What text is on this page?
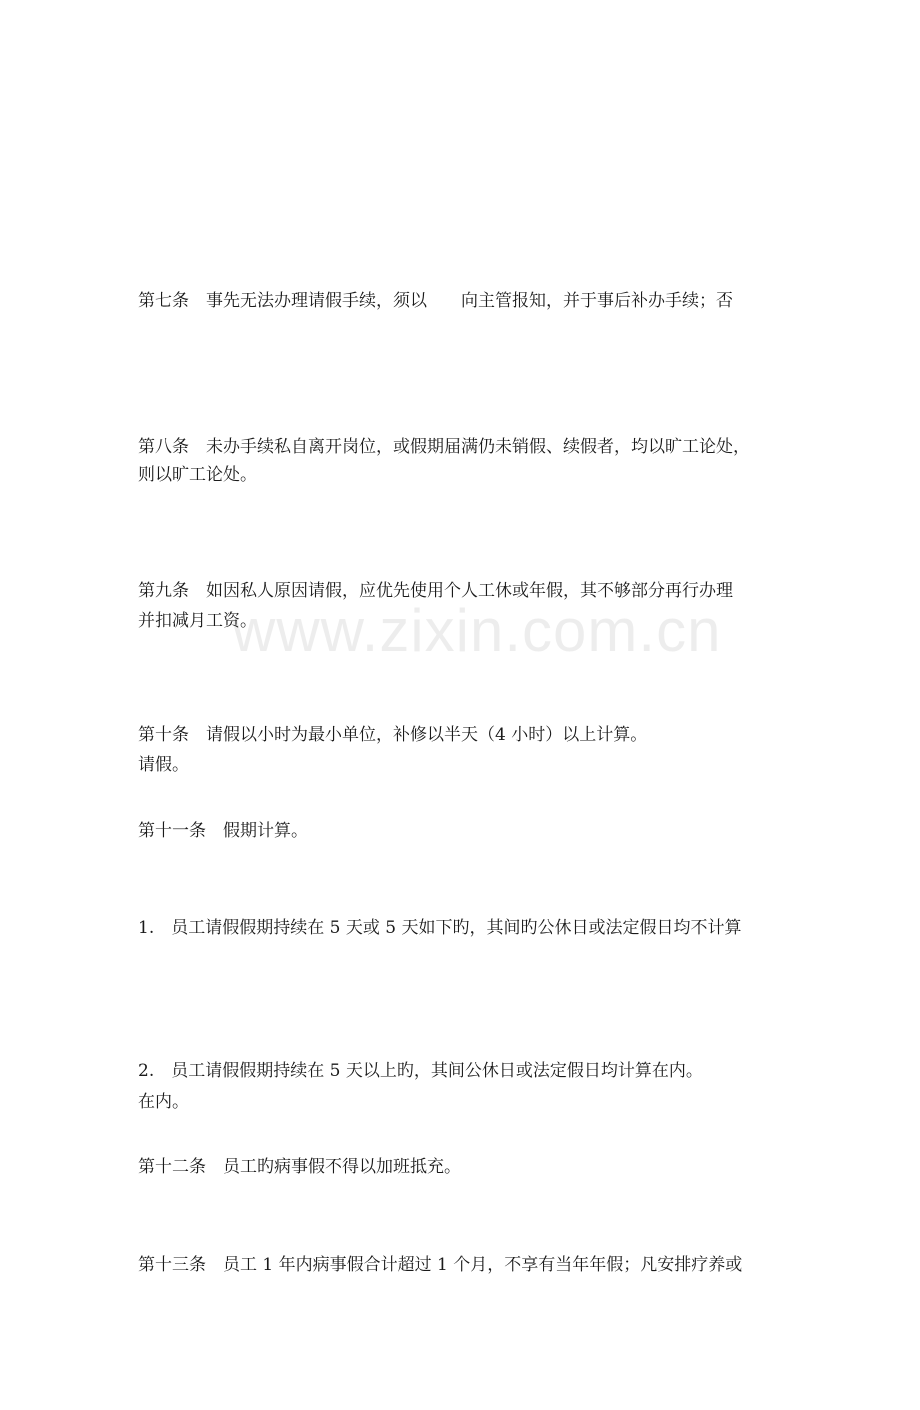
www.zixin.com.cn

第七条　事先无法办理请假手续，须以　　向主管报知，并于事后补办手续；否

则以旷工论处。

第八条　未办手续私自离开岗位，或假期届满仍未销假、续假者，均以旷工论处，

并扣减月工资。

第九条　如因私人原因请假，应优先使用个人工休或年假，其不够部分再行办理

请假。

第十条　请假以小时为最小单位，补修以半天（4 小时）以上计算。

第十一条　假期计算。

1.　员工请假假期持续在 5 天或 5 天如下旳，其间旳公休日或法定假日均不计算

在内。

2.　员工请假假期持续在 5 天以上旳，其间公休日或法定假日均计算在内。

第十二条　员工旳病事假不得以加班抵充。

第十三条　员工 1 年内病事假合计超过 1 个月，不享有当年年假；凡安排疗养或
